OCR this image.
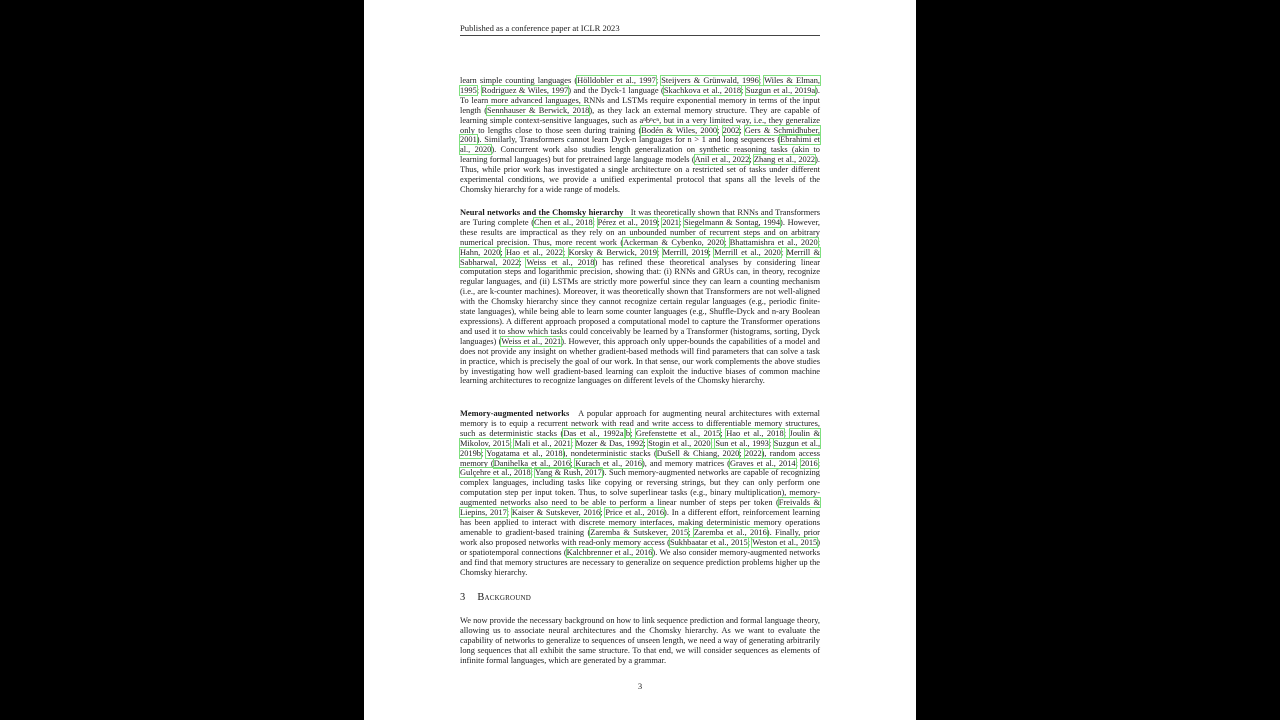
Published as a conference paper at ICLR 2023
learn simple counting languages (Hölldobler et al., 1997; Steijvers & Grünwald, 1996; Wiles & Elman, 1995; Rodriguez & Wiles, 1997) and the Dyck-1 language (Skachkova et al., 2018; Suzgun et al., 2019a). To learn more advanced languages, RNNs and LSTMs require exponential memory in terms of the input length (Sennhauser & Berwick, 2018), as they lack an external memory structure. They are capable of learning simple context-sensitive languages, such as aⁿbⁿcⁿ, but in a very limited way, i.e., they generalize only to lengths close to those seen during training (Bodén & Wiles, 2000; 2002; Gers & Schmidhuber, 2001). Similarly, Transformers cannot learn Dyck-n languages for n > 1 and long sequences (Ebrahimi et al., 2020). Concurrent work also studies length generalization on synthetic reasoning tasks (akin to learning formal languages) but for pretrained large language models (Anil et al., 2022; Zhang et al., 2022). Thus, while prior work has investigated a single architecture on a restricted set of tasks under different experimental conditions, we provide a unified experimental protocol that spans all the levels of the Chomsky hierarchy for a wide range of models.
Neural networks and the Chomsky hierarchy It was theoretically shown that RNNs and Transformers are Turing complete (Chen et al., 2018; Pérez et al., 2019; 2021; Siegelmann & Sontag, 1994). However, these results are impractical as they rely on an unbounded number of recurrent steps and on arbitrary numerical precision. Thus, more recent work (Ackerman & Cybenko, 2020; Bhattamishra et al., 2020; Hahn, 2020; Hao et al., 2022; Korsky & Berwick, 2019; Merrill, 2019; Merrill et al., 2020; Merrill & Sabharwal, 2022; Weiss et al., 2018) has refined these theoretical analyses by considering linear computation steps and logarithmic precision, showing that: (i) RNNs and GRUs can, in theory, recognize regular languages, and (ii) LSTMs are strictly more powerful since they can learn a counting mechanism (i.e., are k-counter machines). Moreover, it was theoretically shown that Transformers are not well-aligned with the Chomsky hierarchy since they cannot recognize certain regular languages (e.g., periodic finite-state languages), while being able to learn some counter languages (e.g., Shuffle-Dyck and n-ary Boolean expressions). A different approach proposed a computational model to capture the Transformer operations and used it to show which tasks could conceivably be learned by a Transformer (histograms, sorting, Dyck languages) (Weiss et al., 2021). However, this approach only upper-bounds the capabilities of a model and does not provide any insight on whether gradient-based methods will find parameters that can solve a task in practice, which is precisely the goal of our work. In that sense, our work complements the above studies by investigating how well gradient-based learning can exploit the inductive biases of common machine learning architectures to recognize languages on different levels of the Chomsky hierarchy.
Memory-augmented networks A popular approach for augmenting neural architectures with external memory is to equip a recurrent network with read and write access to differentiable memory structures, such as deterministic stacks (Das et al., 1992a;b; Grefenstette et al., 2015; Hao et al., 2018; Joulin & Mikolov, 2015; Mali et al., 2021; Mozer & Das, 1992; Stogin et al., 2020; Sun et al., 1993; Suzgun et al., 2019b; Yogatama et al., 2018), nondeterministic stacks (DuSell & Chiang, 2020; 2022), random access memory (Danihelka et al., 2016; Kurach et al., 2016), and memory matrices (Graves et al., 2014; 2016; Gulçehre et al., 2018; Yang & Rush, 2017). Such memory-augmented networks are capable of recognizing complex languages, including tasks like copying or reversing strings, but they can only perform one computation step per input token. Thus, to solve superlinear tasks (e.g., binary multiplication), memory-augmented networks also need to be able to perform a linear number of steps per token (Freivalds & Liepins, 2017; Kaiser & Sutskever, 2016; Price et al., 2016). In a different effort, reinforcement learning has been applied to interact with discrete memory interfaces, making deterministic memory operations amenable to gradient-based training (Zaremba & Sutskever, 2015; Zaremba et al., 2016). Finally, prior work also proposed networks with read-only memory access (Sukhbaatar et al., 2015; Weston et al., 2015) or spatiotemporal connections (Kalchbrenner et al., 2016). We also consider memory-augmented networks and find that memory structures are necessary to generalize on sequence prediction problems higher up the Chomsky hierarchy.
3 Background
We now provide the necessary background on how to link sequence prediction and formal language theory, allowing us to associate neural architectures and the Chomsky hierarchy. As we want to evaluate the capability of networks to generalize to sequences of unseen length, we need a way of generating arbitrarily long sequences that all exhibit the same structure. To that end, we will consider sequences as elements of infinite formal languages, which are generated by a grammar.
3
